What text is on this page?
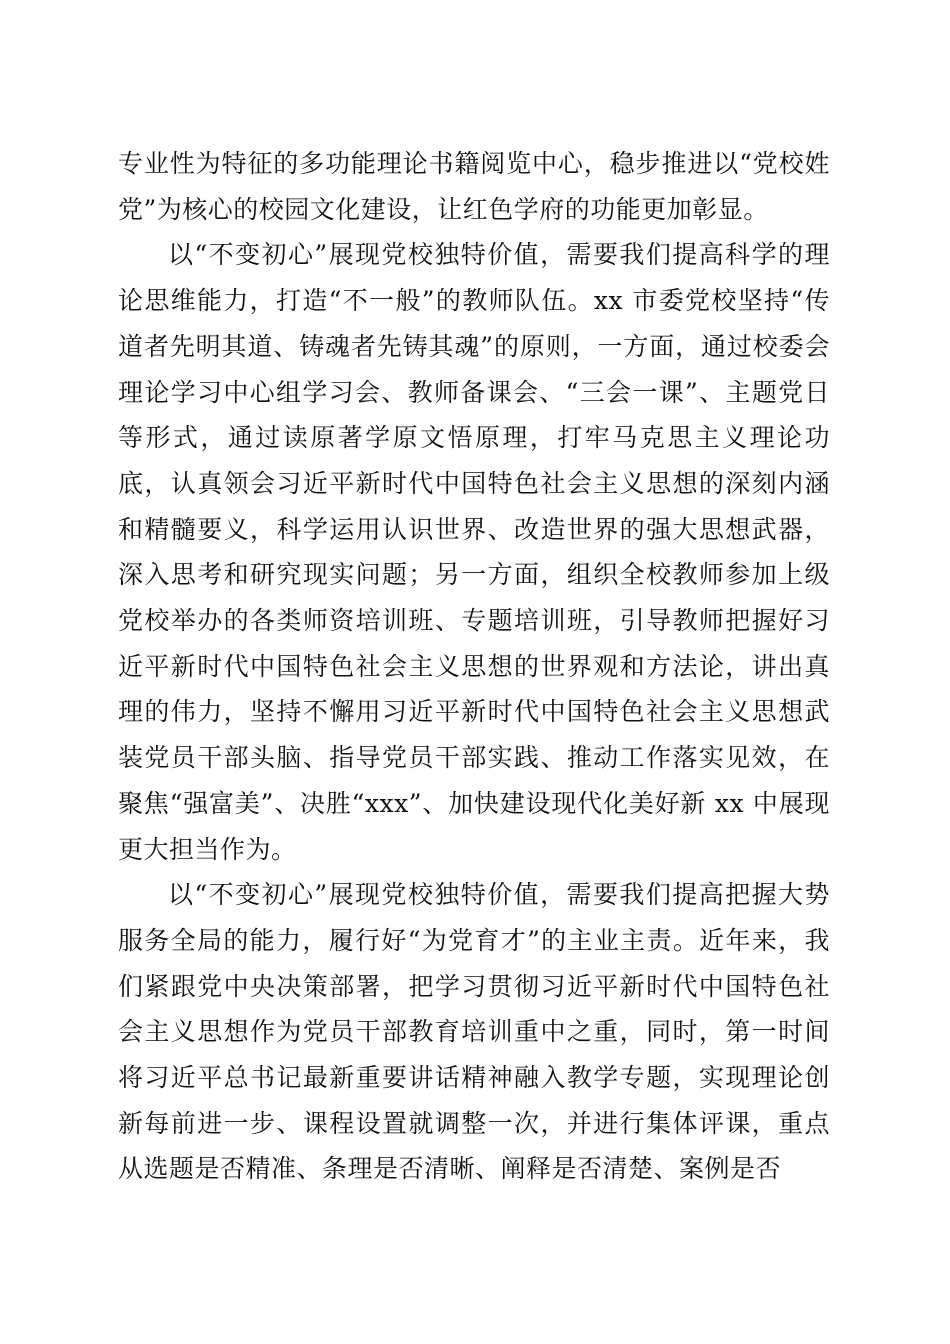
专业性为特征的多功能理论书籍阅览中心，稳步推进以“党校姓党”为核心的校园文化建设，让红色学府的功能更加彰显。

以“不变初心”展现党校独特价值，需要我们提高科学的理论思维能力，打造“不一般”的教师队伍。xx 市委党校坚持“传道者先明其道、铸魂者先铸其魂”的原则，一方面，通过校委会理论学习中心组学习会、教师备课会、“三会一课”、主题党日等形式，通过读原著学原文悟原理，打牢马克思主义理论功底，认真领会习近平新时代中国特色社会主义思想的深刻内涵和精髓要义，科学运用认识世界、改造世界的强大思想武器，深入思考和研究现实问题；另一方面，组织全校教师参加上级党校举办的各类师资培训班、专题培训班，引导教师把握好习近平新时代中国特色社会主义思想的世界观和方法论，讲出真理的伟力，坚持不懈用习近平新时代中国特色社会主义思想武装党员干部头脑、指导党员干部实践、推动工作落实见效，在聚焦“强富美”、决胜“xxx”、加快建设现代化美好新 xx 中展现更大担当作为。

以“不变初心”展现党校独特价值，需要我们提高把握大势服务全局的能力，履行好“为党育才”的主业主责。近年来，我们紧跟党中央决策部署，把学习贯彻习近平新时代中国特色社会主义思想作为党员干部教育培训重中之重，同时，第一时间将习近平总书记最新重要讲话精神融入教学专题，实现理论创新每前进一步、课程设置就调整一次，并进行集体评课，重点从选题是否精准、条理是否清晰、阐释是否清楚、案例是否
